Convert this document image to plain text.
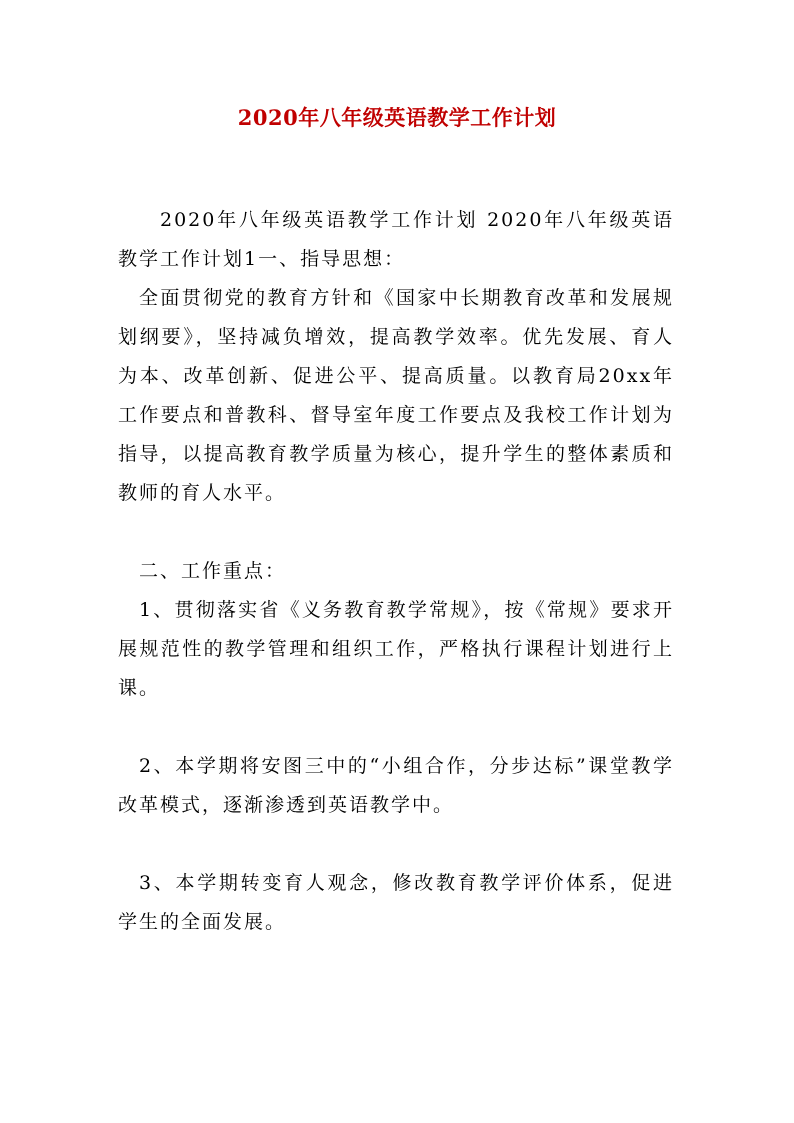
2020年八年级英语教学工作计划

2020年八年级英语教学工作计划 2020年八年级英语教学工作计划1一、指导思想：

全面贯彻党的教育方针和《国家中长期教育改革和发展规划纲要》，坚持减负增效，提高教学效率。优先发展、育人为本、改革创新、促进公平、提高质量。以教育局20xx年工作要点和普教科、督导室年度工作要点及我校工作计划为指导，以提高教育教学质量为核心，提升学生的整体素质和教师的育人水平。

二、工作重点：

1、贯彻落实省《义务教育教学常规》，按《常规》要求开展规范性的教学管理和组织工作，严格执行课程计划进行上课。

2、本学期将安图三中的“小组合作，分步达标”课堂教学改革模式，逐渐渗透到英语教学中。

3、本学期转变育人观念，修改教育教学评价体系，促进学生的全面发展。
